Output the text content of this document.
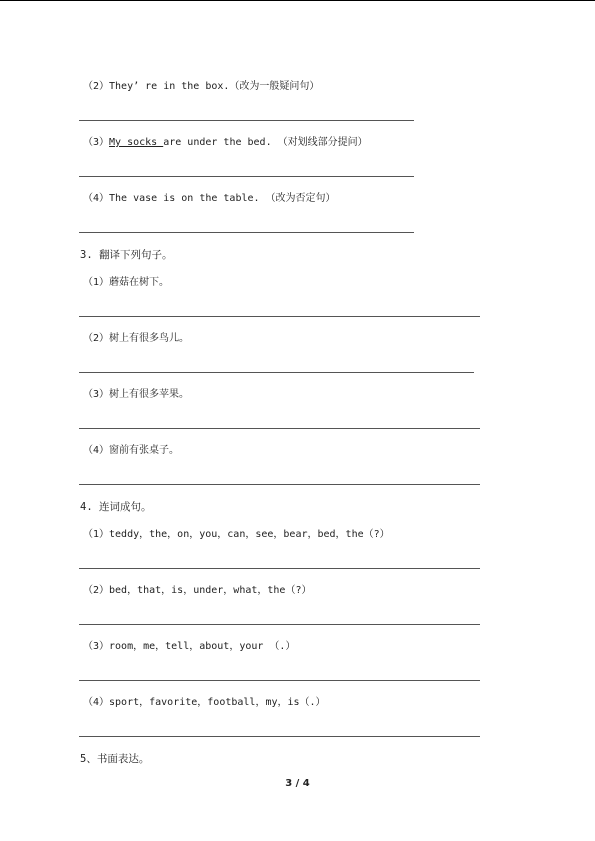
（2）They’ re in the box.（改为一般疑问句）
（3）My socks are under the bed. （对划线部分提问）
（4）The vase is on the table. （改为否定句）
3. 翻译下列句子。
（1）蘑菇在树下。
（2）树上有很多鸟儿。
（3）树上有很多苹果。
（4）窗前有张桌子。
4. 连词成句。
（1）teddy，the，on，you，can，see，bear，bed，the（?）
（2）bed，that，is，under，what，the（?）
（3）room，me，tell，about，your （.）
（4）sport，favorite，football，my，is（.）
5、书面表达。
3 / 4
